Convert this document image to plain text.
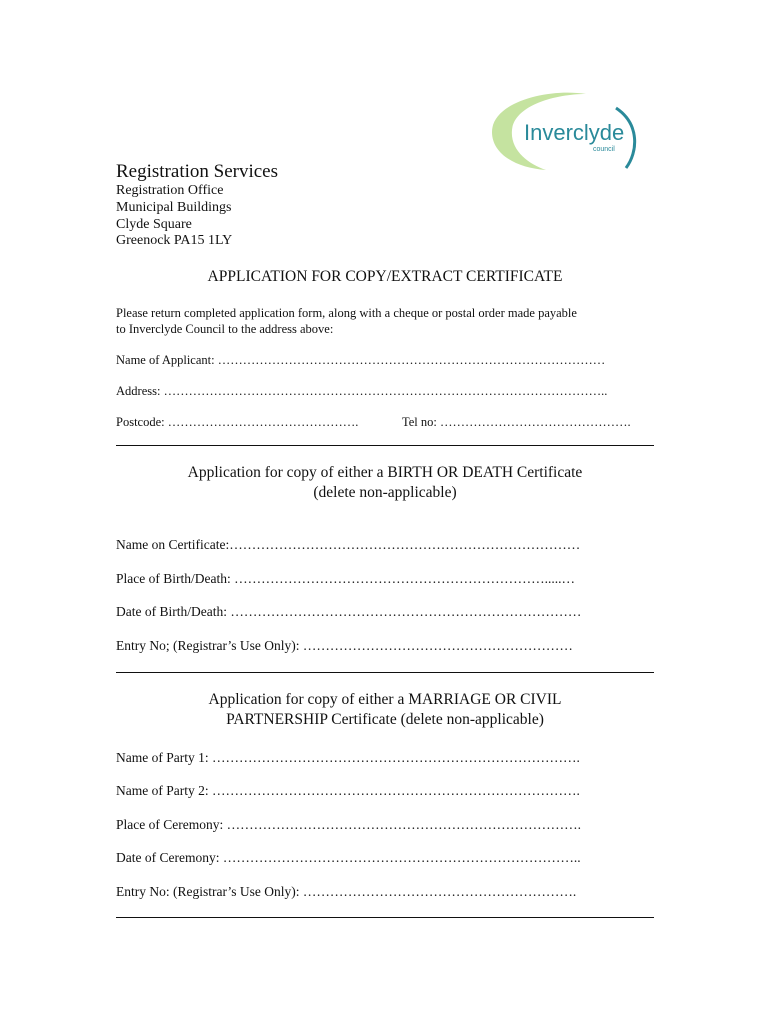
Inverclyde
council
Registration Services
Registration Office
Municipal Buildings
Clyde Square
Greenock PA15 1LY
APPLICATION FOR COPY/EXTRACT CERTIFICATE
Please return completed application form, along with a cheque or postal order made payable
to Inverclyde Council to the address above:
Name of Applicant: …………………………………………………………………………………
Address: ……………………………………………………………………………………………..
Postcode: ……………………………………….	Tel no: ……………………………………….
Application for copy of either a BIRTH OR DEATH Certificate
(delete non-applicable)
Name on Certificate:……………………………………………………………………
Place of Birth/Death: …………………………………………………………….....…
Date of Birth/Death: ……………………………………………………………………
Entry No; (Registrar’s Use Only): ……………………………………………………
Application for copy of either a MARRIAGE OR CIVIL
PARTNERSHIP Certificate (delete non-applicable)
Name of Party 1: ……………………………………………………………………….
Name of Party 2: ……………………………………………………………………….
Place of Ceremony: …………………………………………………………………….
Date of Ceremony: ……………………………………………………………………..
Entry No: (Registrar’s Use Only): …………………………………………………….
